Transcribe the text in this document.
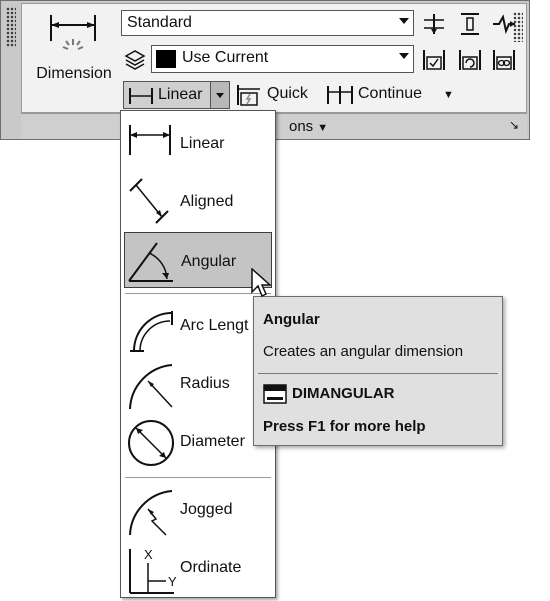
Dimension
Standard
Use Current
Linear	Quick	Continue ▼
ons ▼	↘
Linear
Aligned
Angular
Arc Lengt
Radius
Diameter
Jogged
X
Y
Ordinate
Angular
Creates an angular dimension
DIMANGULAR
Press F1 for more help
